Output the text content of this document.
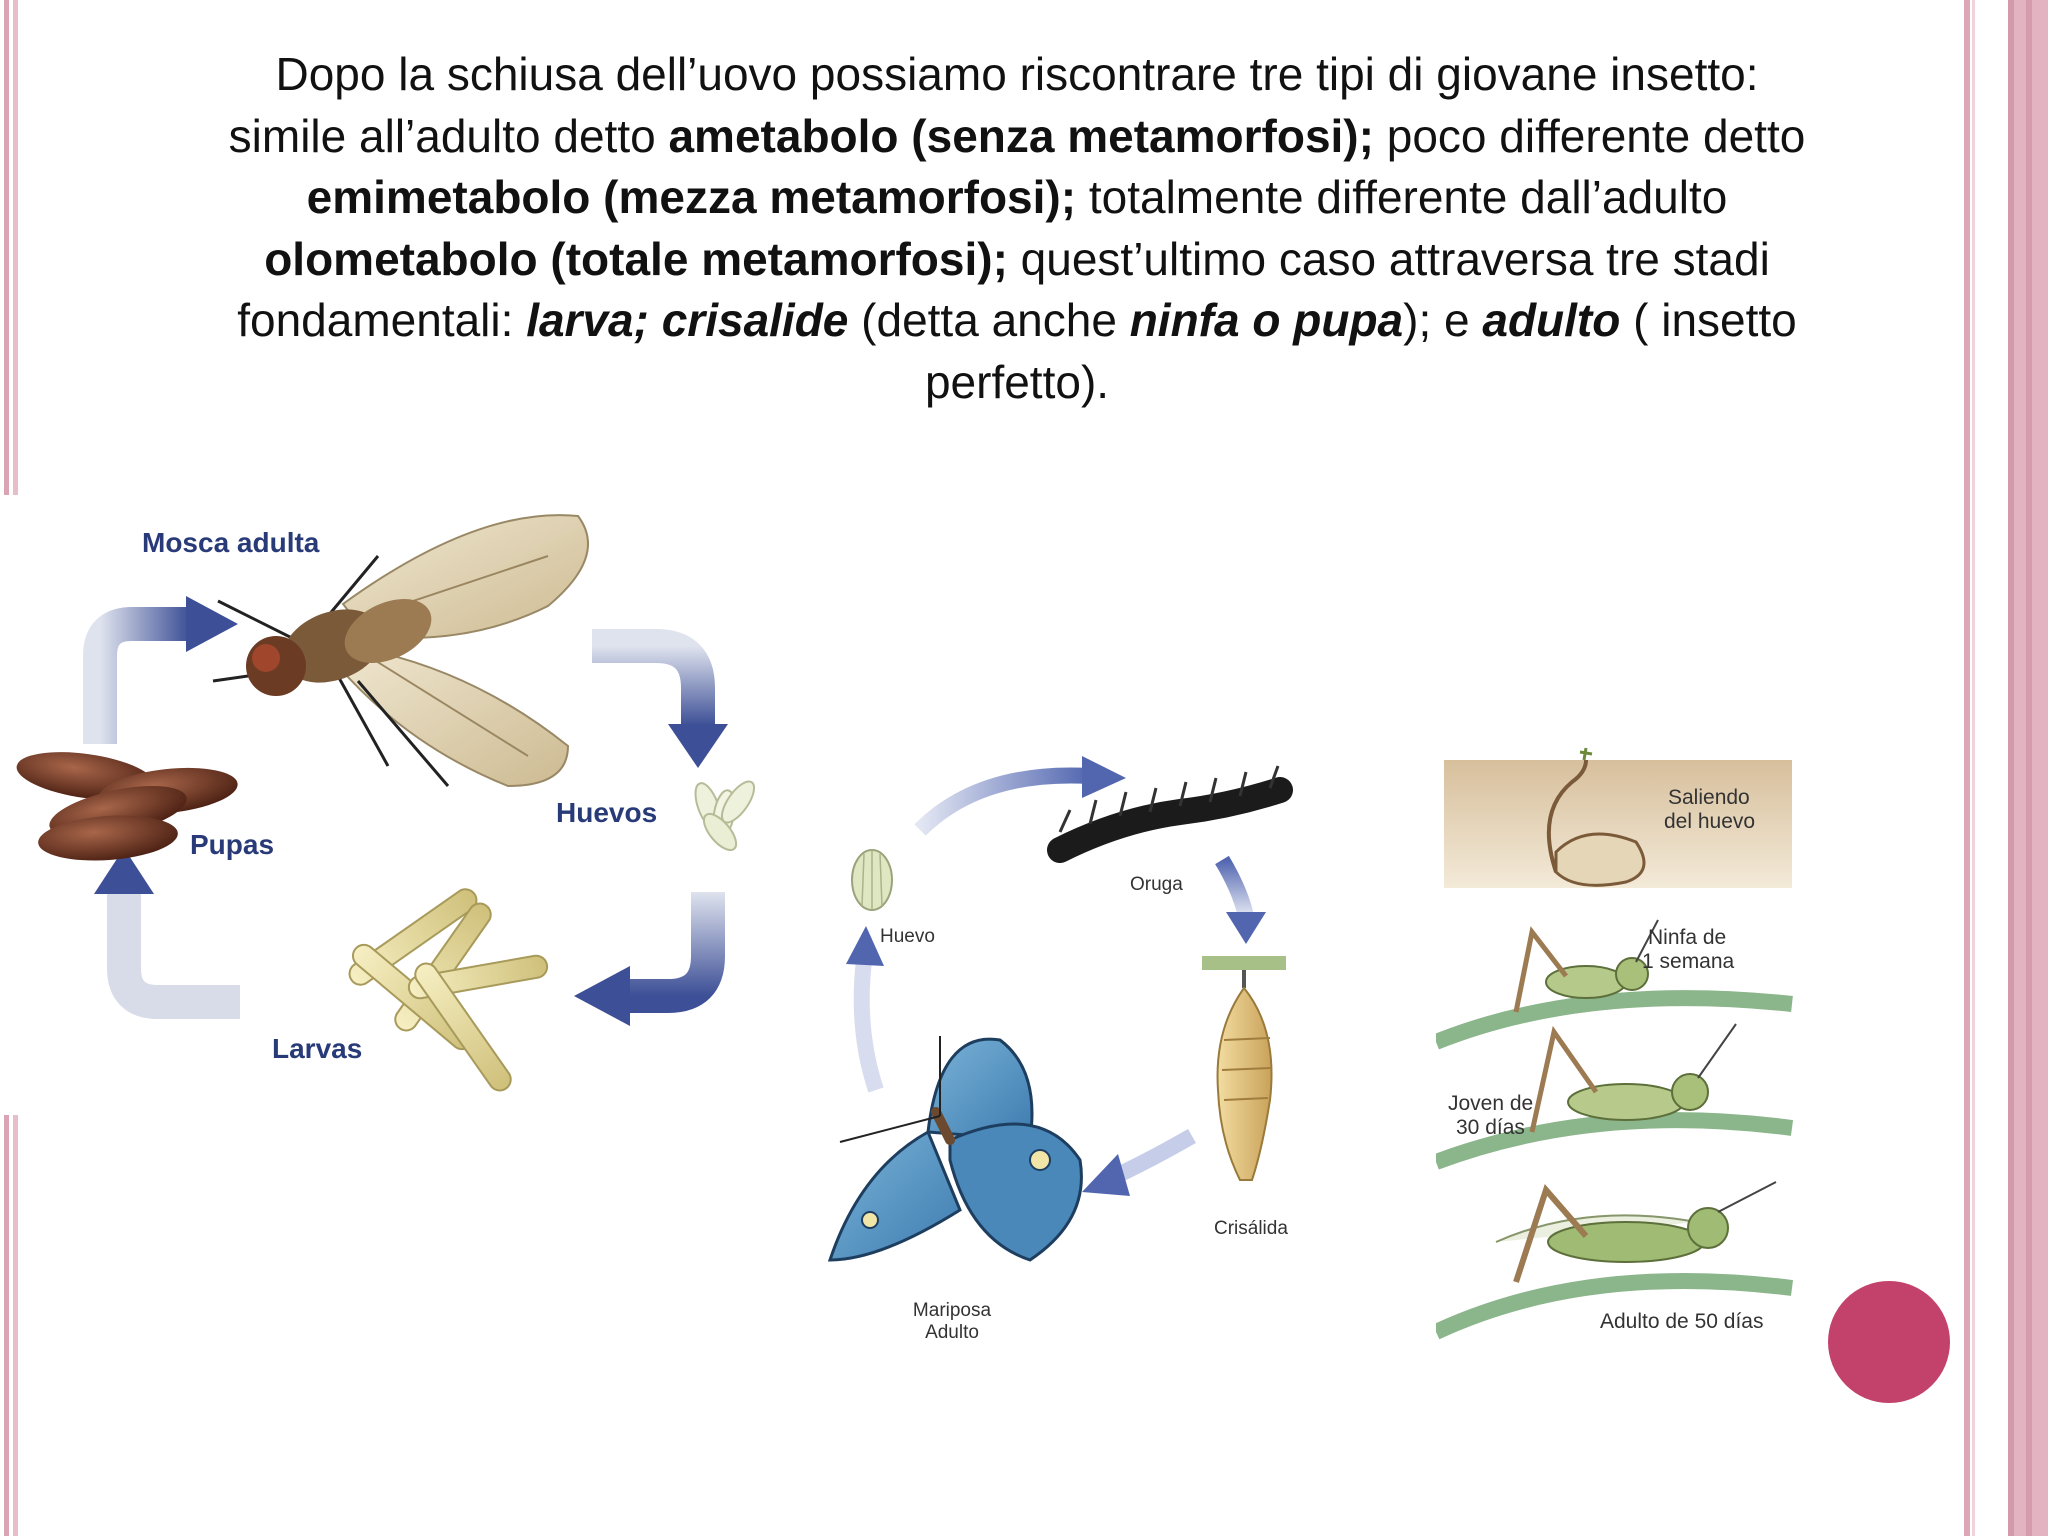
Dopo la schiusa dell’uovo possiamo riscontrare tre tipi di giovane insetto: simile all’adulto detto ametabolo (senza metamorfosi); poco differente detto emimetabolo (mezza metamorfosi); totalmente differente dall’adulto olometabolo (totale metamorfosi); quest’ultimo caso attraversa tre stadi fondamentali: larva; crisalide (detta anche ninfa o pupa); e adulto ( insetto perfetto).
Mosca adulta
Huevos
Larvas
Pupas
Huevo
Oruga
Crisálida
Mariposa
Adulto
Saliendo
del huevo
Ninfa de
1 semana
Joven de
30 días
Adulto de 50 días
